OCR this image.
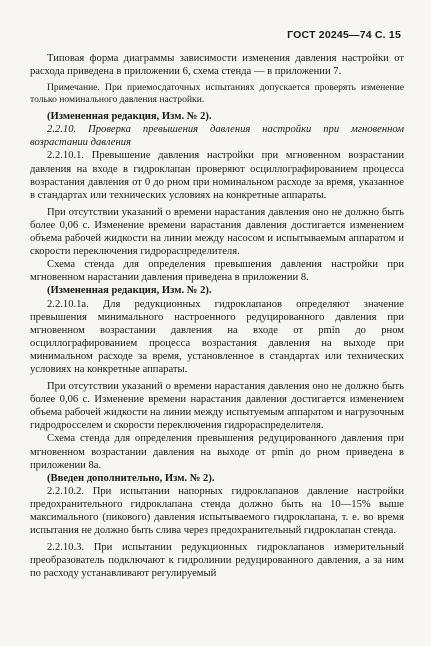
ГОСТ 20245—74 С. 15

Типовая форма диаграммы зависимости изменения давления настройки от расхода приведена в приложении 6, схема стенда — в приложении 7.

Примечание. При приемосдаточных испытаниях допускается проверять изменение только номинального давления настройки.

(Измененная редакция, Изм. № 2).

2.2.10. Проверка превышения давления настройки при мгновенном возрастании давления

2.2.10.1. Превышение давления настройки при мгновенном возрастании давления на входе в гидроклапан проверяют осциллографированием процесса возрастания давления от 0 до pном при номинальном расходе за время, указанное в стандартах или технических условиях на конкретные аппараты.

При отсутствии указаний о времени нарастания давления оно не должно быть более 0,06 с. Изменение времени нарастания давления достигается изменением объема рабочей жидкости на линии между насосом и испытываемым аппаратом и скорости переключения гидрораспределителя.

Схема стенда для определения превышения давления настройки при мгновенном нарастании давления приведена в приложении 8.

(Измененная редакция, Изм. № 2).

2.2.10.1а. Для редукционных гидроклапанов определяют значение превышения минимального настроенного редуцированного давления при мгновенном возрастании давления на входе от pmin до pном осциллографированием процесса возрастания давления на выходе при минимальном расходе за время, установленное в стандартах или технических условиях на конкретные аппараты.

При отсутствии указаний о времени нарастания давления оно не должно быть более 0,06 с. Изменение времени нарастания давления достигается изменением объема рабочей жидкости на линии между испытуемым аппаратом и нагрузочным гидродросселем и скорости переключения гидрораспределителя.

Схема стенда для определения превышения редуцированного давления при мгновенном возрастании давления на выходе от pmin до pном приведена в приложении 8а.

(Введен дополнительно, Изм. № 2).

2.2.10.2. При испытании напорных гидроклапанов давление настройки предохранительного гидроклапана стенда должно быть на 10—15% выше максимального (пикового) давления испытываемого гидроклапана, т. е. во время испытания не должно быть слива через предохранительный гидроклапан стенда.

2.2.10.3. При испытании редукционных гидроклапанов измерительный преобразователь подключают к гидролинии редуцированного давления, а за ним по расходу устанавливают регулируемый
